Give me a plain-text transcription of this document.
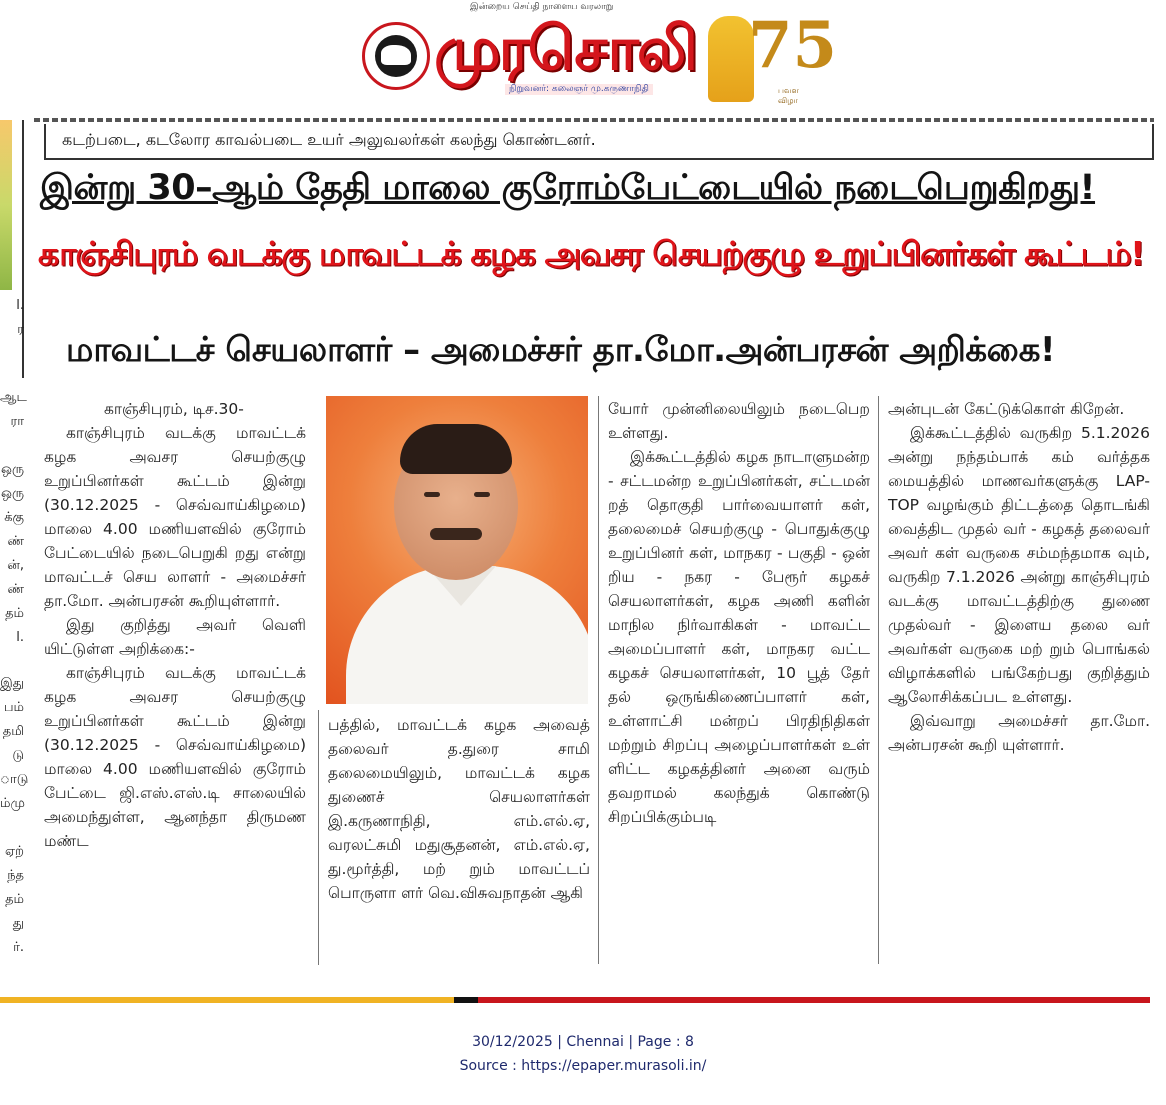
இன்றைய செய்தி நாளைய வரலாறு
முரசொலி
நிறுவனர்: கலைஞர் மு.கருணாநிதி
75
பவள விழா
l.
ர
ஆட
ரா
ஒரு
ஒரு
க்கு
ண்
ன்,
ண்
தம்
l.
இது
பம்
தமி
டு
ாடு
ம்மு
ஏற்
ந்த
தம்
து
ர்.
கடற்படை, கடலோர காவல்படை உயர் அலுவலர்கள் கலந்து கொண்டனர்.
இன்று 30–ஆம் தேதி மாலை குரோம்பேட்டையில் நடைபெறுகிறது!
காஞ்சிபுரம் வடக்கு மாவட்டக் கழக அவசர செயற்குழு உறுப்பினர்கள் கூட்டம்!
மாவட்டச் செயலாளர் – அமைச்சர் தா.மோ.அன்பரசன் அறிக்கை!

காஞ்சிபுரம், டிச.30-

காஞ்சிபுரம் வடக்கு மாவட்டக் கழக அவசர செயற்குழு உறுப்பினர்கள் கூட்டம் இன்று (30.12.2025 - செவ்வாய்கிழமை) மாலை 4.00 மணியளவில் குரோம் பேட்டையில் நடைபெறுகி றது என்று மாவட்டச் செய லாளர் - அமைச்சர் தா.மோ. அன்பரசன் கூறியுள்ளார்.

இது குறித்து அவர் வெளி யிட்டுள்ள அறிக்கை:-

காஞ்சிபுரம் வடக்கு மாவட்டக் கழக அவசர செயற்குழு உறுப்பினர்கள் கூட்டம் இன்று (30.12.2025 - செவ்வாய்கிழமை) மாலை 4.00 மணியளவில் குரோம் பேட்டை ஜி.எஸ்.எஸ்.டி சாலையில் அமைந்துள்ள, ஆனந்தா திருமண மண்ட

பத்தில், மாவட்டக் கழக அவைத் தலைவர் த.துரை சாமி தலைமையிலும், மாவட்டக் கழக துணைச் செயலாளர்கள் இ.கருணாநிதி, எம்.எல்.ஏ, வரலட்சுமி மதுசூதனன், எம்.எல்.ஏ, து.மூர்த்தி, மற் றும் மாவட்டப் பொருளா ளர் வெ.விசுவநாதன் ஆகி

யோர் முன்னிலையிலும் நடைபெற உள்ளது.

இக்கூட்டத்தில் கழக நாடாளுமன்ற - சட்டமன்ற உறுப்பினர்கள், சட்டமன் றத் தொகுதி பார்வையாளர் கள், தலைமைச் செயற்குழு - பொதுக்குழு உறுப்பினர் கள், மாநகர - பகுதி - ஒன் றிய - நகர - பேரூர் கழகச் செயலாளர்கள், கழக அணி களின் மாநில நிர்வாகிகள் - மாவட்ட அமைப்பாளர் கள், மாநகர வட்ட கழகச் செயலாளர்கள், 10 பூத் தேர் தல் ஒருங்கிணைப்பாளர் கள், உள்ளாட்சி மன்றப் பிரதிநிதிகள் மற்றும் சிறப்பு அழைப்பாளர்கள் உள் ளிட்ட கழகத்தினர் அனை வரும் தவறாமல் கலந்துக் கொண்டு சிறப்பிக்கும்படி

அன்புடன் கேட்டுக்கொள் கிறேன்.

இக்கூட்டத்தில் வருகிற 5.1.2026 அன்று நந்தம்பாக் கம் வர்த்தக மையத்தில் மாணவர்களுக்கு LAP-TOP வழங்கும் திட்டத்தை தொடங்கி வைத்திட முதல் வர் - கழகத் தலைவர் அவர் கள் வருகை சம்மந்தமாக வும், வருகிற 7.1.2026 அன்று காஞ்சிபுரம் வடக்கு மாவட்டத்திற்கு துணை முதல்வர் - இளைய தலை வர் அவர்கள் வருகை மற் றும் பொங்கல் விழாக்களில் பங்கேற்பது குறித்தும் ஆலோசிக்கப்பட உள்ளது.

இவ்வாறு அமைச்சர் தா.மோ. அன்பரசன் கூறி யுள்ளார்.

30/12/2025 | Chennai | Page : 8
Source : https://epaper.murasoli.in/
